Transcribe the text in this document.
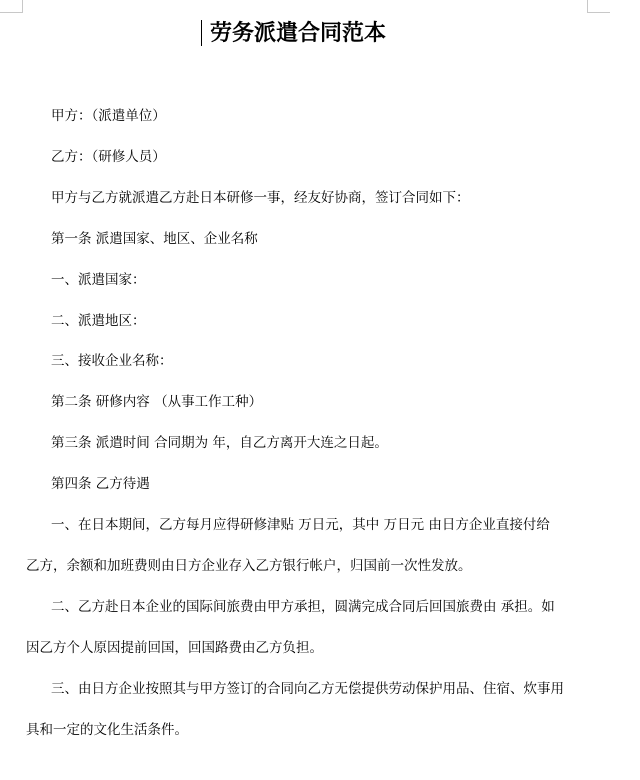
劳务派遣合同范本

甲方：（派遣单位）

乙方：（研修人员）

甲方与乙方就派遣乙方赴日本研修一事，经友好协商，签订合同如下：

第一条 派遣国家、地区、企业名称

一、派遣国家：

二、派遣地区：

三、接收企业名称：

第二条 研修内容 （从事工作工种）

第三条 派遣时间 合同期为 年，自乙方离开大连之日起。

第四条 乙方待遇

一、在日本期间，乙方每月应得研修津贴 万日元，其中 万日元 由日方企业直接付给

乙方，余额和加班费则由日方企业存入乙方银行帐户，归国前一次性发放。

二、乙方赴日本企业的国际间旅费由甲方承担，圆满完成合同后回国旅费由 承担。如

因乙方个人原因提前回国，回国路费由乙方负担。

三、由日方企业按照其与甲方签订的合同向乙方无偿提供劳动保护用品、住宿、炊事用

具和一定的文化生活条件。
